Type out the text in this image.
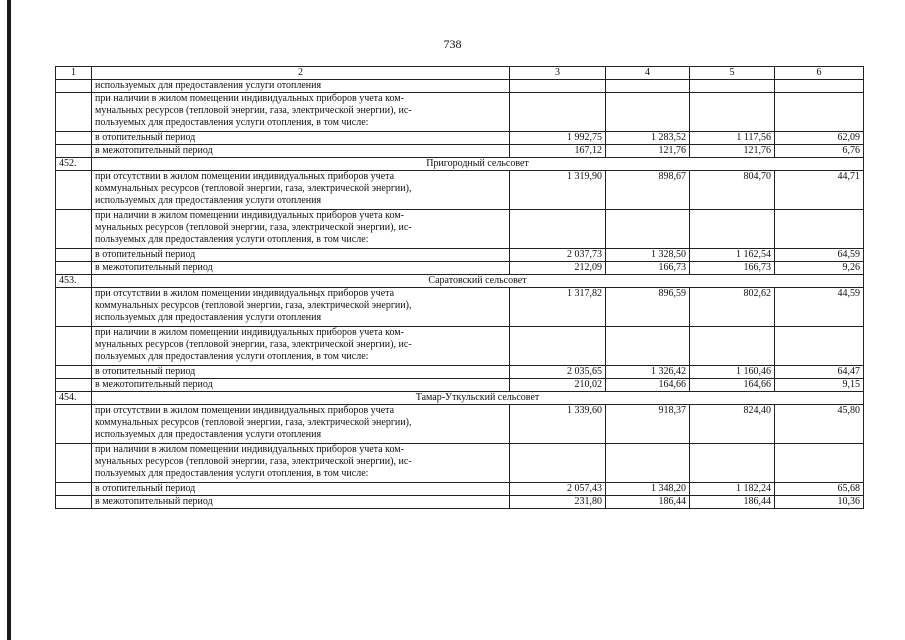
738
1	2	3	4	5	6
	используемых для предоставления услуги отопления				
	при наличии в жилом помещении индивидуальных приборов учета ком-
мунальных ресурсов (тепловой энергии, газа, электрической энергии), ис-
пользуемых для предоставления услуги отопления, в том числе:				
	в отопительный период	1 992,75	1 283,52	1 117,56	62,09
	в межотопительный период	167,12	121,76	121,76	6,76
452.	Пригородный сельсовет				
	при отсутствии в жилом помещении индивидуальных приборов учета
коммунальных ресурсов (тепловой энергии, газа, электрической энергии),
используемых для предоставления услуги отопления	1 319,90	898,67	804,70	44,71
	при наличии в жилом помещении индивидуальных приборов учета ком-
мунальных ресурсов (тепловой энергии, газа, электрической энергии), ис-
пользуемых для предоставления услуги отопления, в том числе:				
	в отопительный период	2 037,73	1 328,50	1 162,54	64,59
	в межотопительный период	212,09	166,73	166,73	9,26
453.	Саратовский сельсовет				
	при отсутствии в жилом помещении индивидуальных приборов учета
коммунальных ресурсов (тепловой энергии, газа, электрической энергии),
используемых для предоставления услуги отопления	1 317,82	896,59	802,62	44,59
	при наличии в жилом помещении индивидуальных приборов учета ком-
мунальных ресурсов (тепловой энергии, газа, электрической энергии), ис-
пользуемых для предоставления услуги отопления, в том числе:				
	в отопительный период	2 035,65	1 326,42	1 160,46	64,47
	в межотопительный период	210,02	164,66	164,66	9,15
454.	Тамар-Уткульский сельсовет				
	при отсутствии в жилом помещении индивидуальных приборов учета
коммунальных ресурсов (тепловой энергии, газа, электрической энергии),
используемых для предоставления услуги отопления	1 339,60	918,37	824,40	45,80
	при наличии в жилом помещении индивидуальных приборов учета ком-
мунальных ресурсов (тепловой энергии, газа, электрической энергии), ис-
пользуемых для предоставления услуги отопления, в том числе:				
	в отопительный период	2 057,43	1 348,20	1 182,24	65,68
	в межотопительный период	231,80	186,44	186,44	10,36
